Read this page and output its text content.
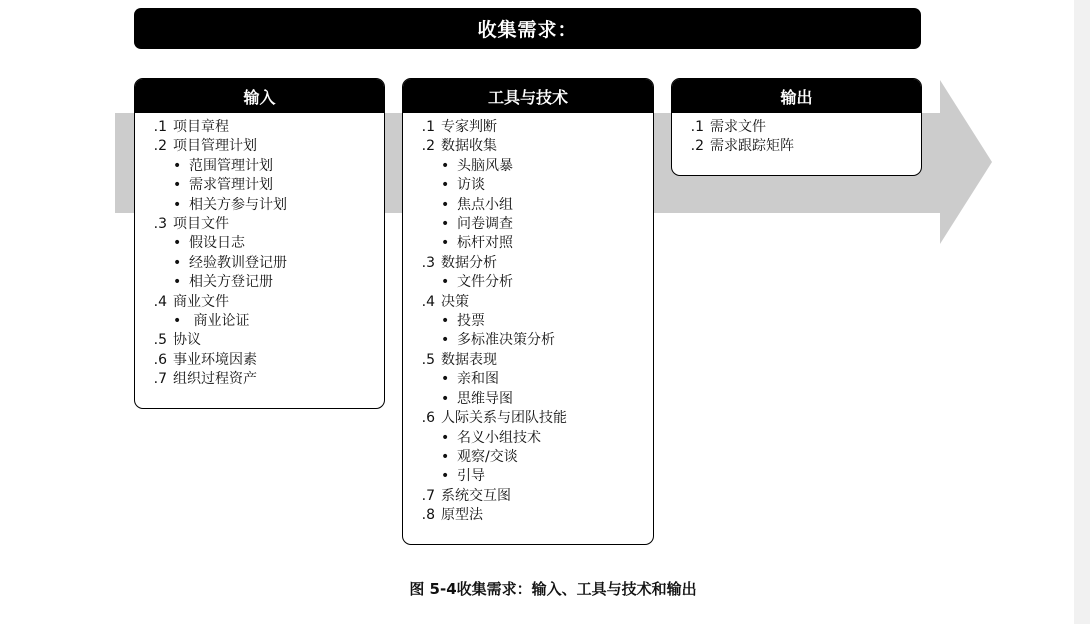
收集需求：
输入
.1 项目章程
.2 项目管理计划
• 范围管理计划
• 需求管理计划
• 相关方参与计划
.3 项目文件
• 假设日志
• 经验教训登记册
• 相关方登记册
.4 商业文件
• 商业论证
.5 协议
.6 事业环境因素
.7 组织过程资产
工具与技术
.1 专家判断
.2 数据收集
• 头脑风暴
• 访谈
• 焦点小组
• 问卷调查
• 标杆对照
.3 数据分析
• 文件分析
.4 决策
• 投票
• 多标准决策分析
.5 数据表现
• 亲和图
• 思维导图
.6 人际关系与团队技能
• 名义小组技术
• 观察/交谈
• 引导
.7 系统交互图
.8 原型法
输出
.1 需求文件
.2 需求跟踪矩阵
图 5-4收集需求：输入、工具与技术和输出
